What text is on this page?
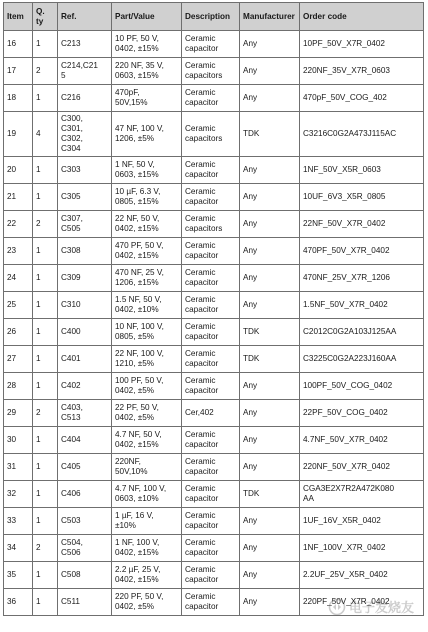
Item	Q.
ty	Ref.	Part/Value	Description	Manufacturer	Order code
16	1	C213	10 PF, 50 V,
0402, ±15%	Ceramic
capacitor	Any	10PF_50V_X7R_0402
17	2	C214,C21
5	220 NF, 35 V,
0603, ±15%	Ceramic
capacitors	Any	220NF_35V_X7R_0603
18	1	C216	470pF,
50V,15%	Ceramic
capacitor	Any	470pF_50V_COG_402
19	4	C300,
C301,
C302,
C304	47 NF, 100 V,
1206, ±5%	Ceramic
capacitors	TDK	C3216C0G2A473J115AC
20	1	C303	1 NF, 50 V,
0603, ±15%	Ceramic
capacitor	Any	1NF_50V_X5R_0603
21	1	C305	10 µF, 6.3 V,
0805, ±15%	Ceramic
capacitor	Any	10UF_6V3_X5R_0805
22	2	C307,
C505	22 NF, 50 V,
0402, ±15%	Ceramic
capacitors	Any	22NF_50V_X7R_0402
23	1	C308	470 PF, 50 V,
0402, ±15%	Ceramic
capacitor	Any	470PF_50V_X7R_0402
24	1	C309	470 NF, 25 V,
1206, ±15%	Ceramic
capacitor	Any	470NF_25V_X7R_1206
25	1	C310	1.5 NF, 50 V,
0402, ±10%	Ceramic
capacitor	Any	1.5NF_50V_X7R_0402
26	1	C400	10 NF, 100 V,
0805, ±5%	Ceramic
capacitor	TDK	C2012C0G2A103J125AA
27	1	C401	22 NF, 100 V,
1210, ±5%	Ceramic
capacitor	TDK	C3225C0G2A223J160AA
28	1	C402	100 PF, 50 V,
0402, ±5%	Ceramic
capacitor	Any	100PF_50V_COG_0402
29	2	C403,
C513	22 PF, 50 V,
0402, ±5%	Cer,402	Any	22PF_50V_COG_0402
30	1	C404	4.7 NF, 50 V,
0402, ±15%	Ceramic
capacitor	Any	4.7NF_50V_X7R_0402
31	1	C405	220NF,
50V,10%	Ceramic
capacitor	Any	220NF_50V_X7R_0402
32	1	C406	4.7 NF, 100 V,
0603, ±10%	Ceramic
capacitor	TDK	CGA3E2X7R2A472K080
AA
33	1	C503	1 µF, 16 V,
±10%	Ceramic
capacitor	Any	1UF_16V_X5R_0402
34	2	C504,
C506	1 NF, 100 V,
0402, ±15%	Ceramic
capacitor	Any	1NF_100V_X7R_0402
35	1	C508	2.2 µF, 25 V,
0402, ±15%	Ceramic
capacitor	Any	2.2UF_25V_X5R_0402
36	1	C511	220 PF, 50 V,
0402, ±5%	Ceramic
capacitor	Any	220PF_50V_X7R_0402
电子发烧友
